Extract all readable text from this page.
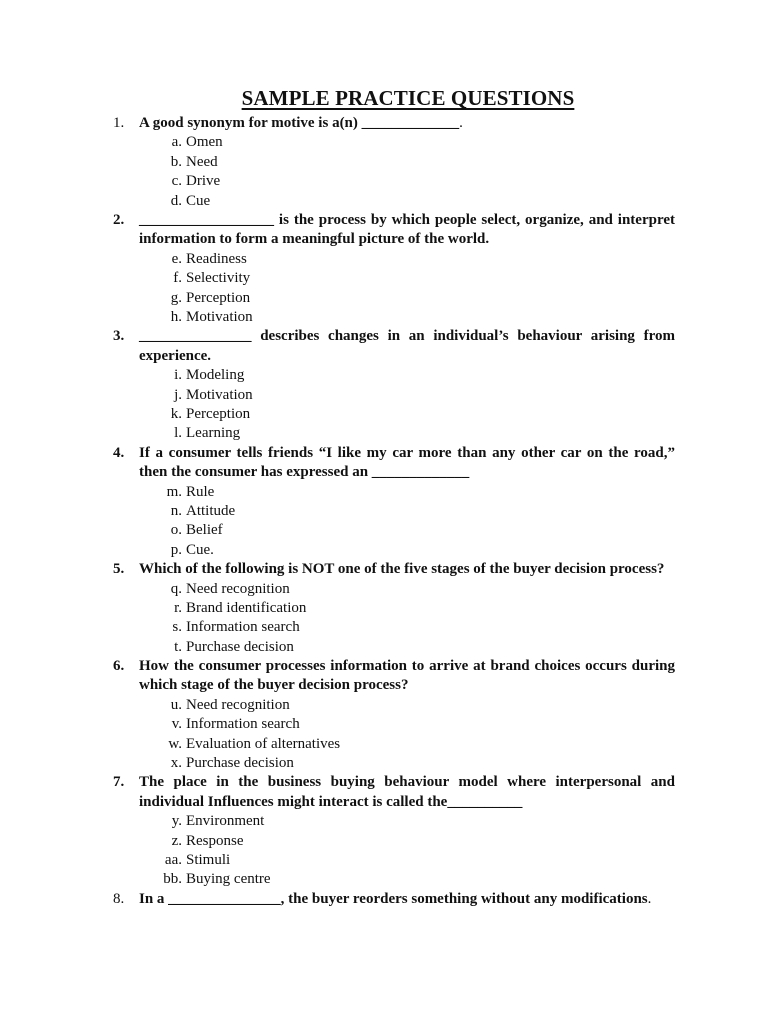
SAMPLE PRACTICE QUESTIONS
1. A good synonym for motive is a(n) _____________.
a. Omen
b. Need
c. Drive
d. Cue
2. __________________ is the process by which people select, organize, and interpret information to form a meaningful picture of the world.
e. Readiness
f. Selectivity
g. Perception
h. Motivation
3. _______________ describes changes in an individual’s behaviour arising from experience.
i. Modeling
j. Motivation
k. Perception
l. Learning
4. If a consumer tells friends “I like my car more than any other car on the road,” then the consumer has expressed an _____________
m. Rule
n. Attitude
o. Belief
p. Cue.
5. Which of the following is NOT one of the five stages of the buyer decision process?
q. Need recognition
r. Brand identification
s. Information search
t. Purchase decision
6. How the consumer processes information to arrive at brand choices occurs during which stage of the buyer decision process?
u. Need recognition
v. Information search
w. Evaluation of alternatives
x. Purchase decision
7. The place in the business buying behaviour model where interpersonal and individual Influences might interact is called the__________
y. Environment
z. Response
aa. Stimuli
bb. Buying centre
8. In a _______________, the buyer reorders something without any modifications.
